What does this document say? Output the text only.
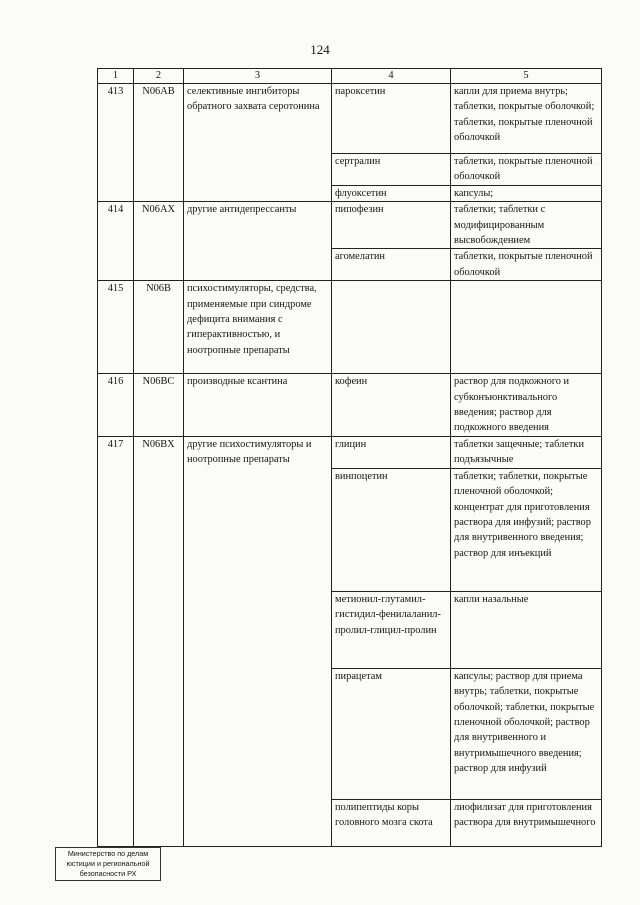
124
1	2	3	4	5
413	N06AB	селективные ингибиторы обратного захвата серотонина	пароксетин	капли для приема внутрь; таблетки, покрытые оболочкой; таблетки, покрытые пленочной оболочкой
			сертралин	таблетки, покрытые пленочной оболочкой
			флуоксетин	капсулы;
414	N06AX	другие антидепрессанты	пипофезин	таблетки; таблетки с модифицированным высвобождением
			агомелатин	таблетки, покрытые пленочной оболочкой
415	N06B	психостимуляторы, средства, применяемые при синдроме дефицита внимания с гиперактивностью, и ноотропные препараты		
416	N06BC	производные ксантина	кофеин	раствор для подкожного и субконъюнктивального введения; раствор для подкожного введения
417	N06BX	другие психостимуляторы и ноотропные препараты	глицин	таблетки защечные; таблетки подъязычные
			винпоцетин	таблетки; таблетки, покрытые пленочной оболочкой; концентрат для приготовления раствора для инфузий; раствор для внутривенного введения; раствор для инъекций
			метионил-глутамил-гистидил-фенилаланил-пролил-глицил-пролин	капли назальные
			пирацетам	капсулы; раствор для приема внутрь; таблетки, покрытые оболочкой; таблетки, покрытые пленочной оболочкой; раствор для внутривенного и внутримышечного введения; раствор для инфузий
			полипептиды коры головного мозга скота	лиофилизат для приготовления раствора для внутримышечного
Министерство по делам
юстиции и региональной
безопасности РХ
